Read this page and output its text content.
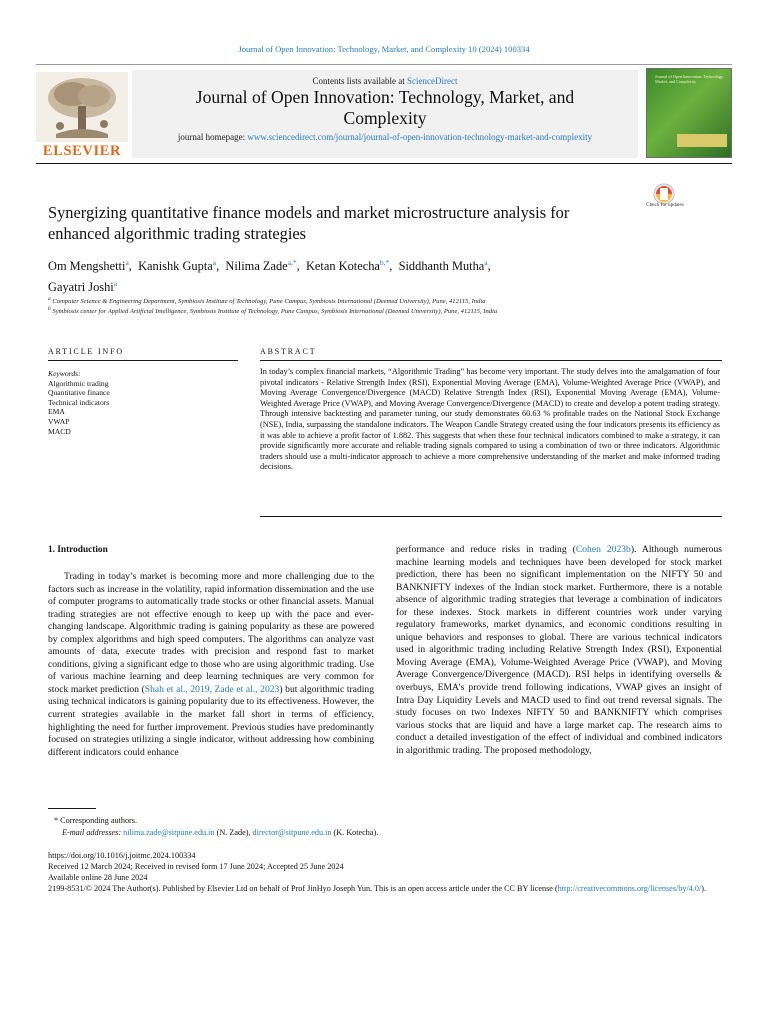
Journal of Open Innovation: Technology, Market, and Complexity 10 (2024) 100334
ELSEVIER
Contents lists available at ScienceDirect
Journal of Open Innovation: Technology, Market, and Complexity
journal homepage: www.sciencedirect.com/journal/journal-of-open-innovation-technology-market-and-complexity
Journal of Open Innovation: Technology, Market, and Complexity
Synergizing quantitative finance models and market microstructure analysis for enhanced algorithmic trading strategies
Check for updates
Om Mengshetti$^a$,  Kanishk Gupta$^a$,  Nilima Zade$^{a,*}$,  Ketan Kotecha$^{b,*}$,  Siddhanth Mutha$^a$,
Gayatri Joshi$^a$
$^a$ Computer Science & Engineering Department, Symbiosis Institute of Technology, Pune Campus, Symbiosis International (Deemed University), Pune, 412115, India
$^b$ Symbiosis center for Applied Artificial Intelligence, Symbiosis Institute of Technology, Pune Campus, Symbiosis International (Deemed University), Pune, 412115, India
ARTICLE INFO	ABSTRACT
Keywords:
Algorithmic trading
Quantitative finance
Technical indicators
EMA
VWAP
MACD
In today’s complex financial markets, “Algorithmic Trading” has become very important. The study delves into the amalgamation of four pivotal indicators - Relative Strength Index (RSI), Exponential Moving Average (EMA), Volume-Weighted Average Price (VWAP), and Moving Average Convergence/Divergence (MACD) Relative Strength Index (RSI), Exponential Moving Average (EMA), Volume-Weighted Average Price (VWAP), and Moving Average Convergence/Divergence (MACD) to create and develop a potent trading strategy. Through intensive backtesting and parameter tuning, our study demonstrates 60.63 % profitable trades on the National Stock Exchange (NSE), India, surpassing the standalone indicators. The Weapon Candle Strategy created using the four indicators presents its efficiency as it was able to achieve a profit factor of 1.882. This suggests that when these four technical indicators combined to make a strategy, it can provide significantly more accurate and reliable trading signals compared to using a combination of two or three indicators. Algorithmic traders should use a multi-indicator approach to achieve a more comprehensive understanding of the market and make informed trading decisions.
1. Introduction

Trading in today’s market is becoming more and more challenging due to the factors such as increase in the volatility, rapid information dissemination and the use of computer programs to automatically trade stocks or other financial assets. Manual trading strategies are not effective enough to keep up with the pace and ever-changing landscape. Algorithmic trading is gaining popularity as these are powered by complex algorithms and high speed computers. The algorithms can analyze vast amounts of data, execute trades with precision and respond fast to market conditions, giving a significant edge to those who are using algorithmic trading. Use of various machine learning and deep learning techniques are very common for stock market prediction (Shah et al., 2019, Zade et al., 2023) but algorithmic trading using technical indicators is gaining popularity due to its effectiveness. However, the current strategies available in the market fall short in terms of efficiency, highlighting the need for further improvement. Previous studies have predominantly focused on strategies utilizing a single indicator, without addressing how combining different indicators could enhance

performance and reduce risks in trading (Cohen 2023b). Although numerous machine learning models and techniques have been developed for stock market prediction, there has been no significant implementation on the NIFTY 50 and BANKNIFTY indexes of the Indian stock market. Furthermore, there is a notable absence of algorithmic trading strategies that leverage a combination of indicators for these indexes. Stock markets in different countries work under varying regulatory frameworks, market dynamics, and economic conditions resulting in unique behaviors and responses to global. There are various technical indicators used in algorithmic trading including Relative Strength Index (RSI), Exponential Moving Average (EMA), Volume-Weighted Average Price (VWAP), and Moving Average Convergence/Divergence (MACD). RSI helps in identifying oversells & overbuys, EMA’s provide trend following indications, VWAP gives an insight of Intra Day Liquidity Levels and MACD used to find out trend reversal signals. The study focuses on two Indexes NIFTY 50 and BANKNIFTY which comprises various stocks that are liquid and have a large market cap. The research aims to conduct a detailed investigation of the effect of individual and combined indicators in algorithmic trading. The proposed methodology,

* Corresponding authors.
E-mail addresses: nilima.zade@sitpune.edu.in (N. Zade), director@sitpune.edu.in (K. Kotecha).
https://doi.org/10.1016/j.joitmc.2024.100334
Received 12 March 2024; Received in revised form 17 June 2024; Accepted 25 June 2024
Available online 28 June 2024
2199-8531/© 2024 The Author(s). Published by Elsevier Ltd on behalf of Prof JinHyo Joseph Yun. This is an open access article under the CC BY license (http://creativecommons.org/licenses/by/4.0/).
